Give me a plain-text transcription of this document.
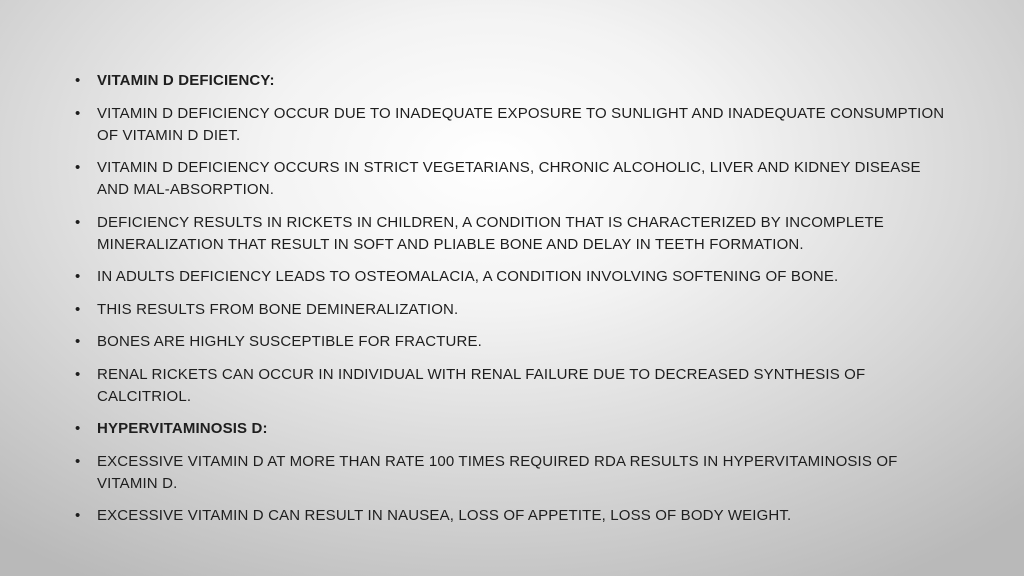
•	VITAMIN D DEFICIENCY:
•	VITAMIN D DEFICIENCY OCCUR DUE TO INADEQUATE EXPOSURE TO SUNLIGHT AND INADEQUATE CONSUMPTION OF VITAMIN D DIET.
•	VITAMIN D DEFICIENCY OCCURS IN STRICT VEGETARIANS, CHRONIC ALCOHOLIC, LIVER AND KIDNEY DISEASE AND MAL-ABSORPTION.
•	DEFICIENCY RESULTS IN RICKETS IN CHILDREN, A CONDITION THAT IS CHARACTERIZED BY INCOMPLETE MINERALIZATION THAT RESULT IN SOFT AND PLIABLE BONE AND DELAY IN TEETH FORMATION.
•	IN ADULTS DEFICIENCY LEADS TO OSTEOMALACIA, A CONDITION INVOLVING SOFTENING OF BONE.
•	THIS RESULTS FROM BONE DEMINERALIZATION.
•	BONES ARE HIGHLY SUSCEPTIBLE FOR FRACTURE.
•	RENAL RICKETS CAN OCCUR IN INDIVIDUAL WITH RENAL FAILURE DUE TO DECREASED SYNTHESIS OF CALCITRIOL.
•	HYPERVITAMINOSIS D:
•	EXCESSIVE VITAMIN D AT MORE THAN RATE 100 TIMES REQUIRED RDA RESULTS IN HYPERVITAMINOSIS OF VITAMIN D.
•	EXCESSIVE VITAMIN D CAN RESULT IN NAUSEA, LOSS OF APPETITE, LOSS OF BODY WEIGHT.
